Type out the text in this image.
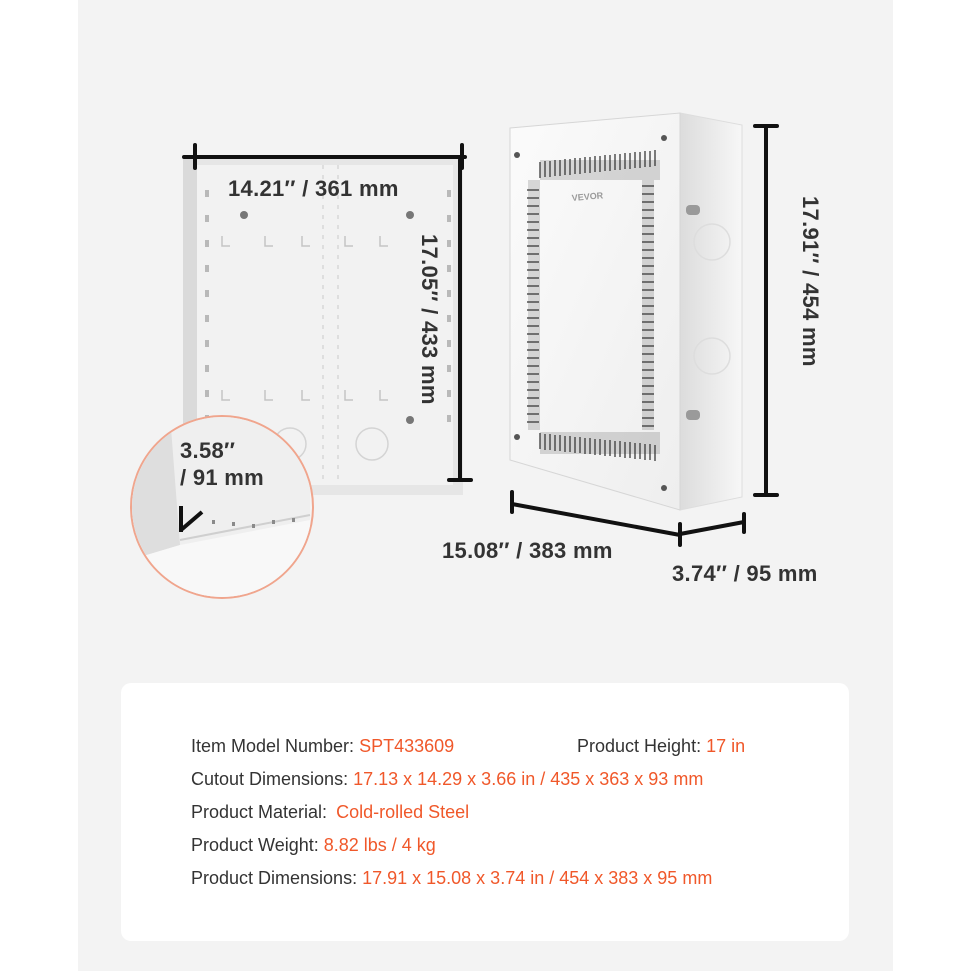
VEVOR
14.21′′ / 361 mm
17.05′′ / 433 mm
3.58′′
/ 91 mm
17.91′′ / 454 mm
15.08′′ / 383 mm
3.74′′ / 95 mm
Item Model Number: SPT433609	Product Height: 17 in
Cutout Dimensions: 17.13 x 14.29 x 3.66 in / 435 x 363 x 93 mm
Product Material: Cold-rolled Steel
Product Weight: 8.82 lbs / 4 kg
Product Dimensions: 17.91 x 15.08 x 3.74 in / 454 x 383 x 95 mm
